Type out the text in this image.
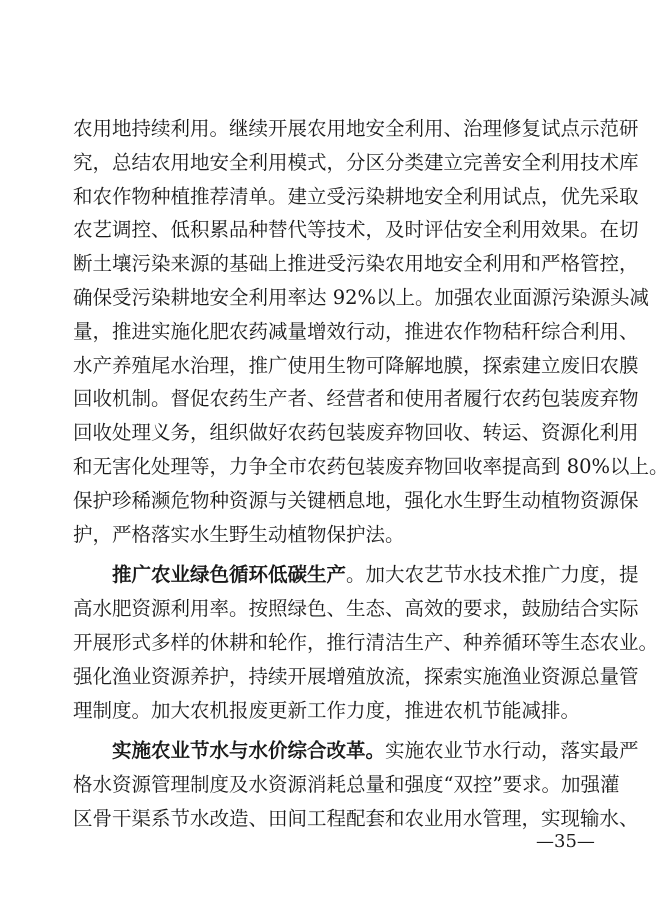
农用地持续利用。继续开展农用地安全利用、治理修复试点示范研
究，总结农用地安全利用模式，分区分类建立完善安全利用技术库
和农作物种植推荐清单。建立受污染耕地安全利用试点，优先采取
农艺调控、低积累品种替代等技术，及时评估安全利用效果。在切
断土壤污染来源的基础上推进受污染农用地安全利用和严格管控，
确保受污染耕地安全利用率达 92%以上。加强农业面源污染源头减
量，推进实施化肥农药减量增效行动，推进农作物秸秆综合利用、
水产养殖尾水治理，推广使用生物可降解地膜，探索建立废旧农膜
回收机制。督促农药生产者、经营者和使用者履行农药包装废弃物
回收处理义务，组织做好农药包装废弃物回收、转运、资源化利用
和无害化处理等，力争全市农药包装废弃物回收率提高到 80%以上。
保护珍稀濒危物种资源与关键栖息地，强化水生野生动植物资源保
护，严格落实水生野生动植物保护法。
推广农业绿色循环低碳生产。加大农艺节水技术推广力度，提
高水肥资源利用率。按照绿色、生态、高效的要求，鼓励结合实际
开展形式多样的休耕和轮作，推行清洁生产、种养循环等生态农业。
强化渔业资源养护，持续开展增殖放流，探索实施渔业资源总量管
理制度。加大农机报废更新工作力度，推进农机节能减排。
实施农业节水与水价综合改革。实施农业节水行动，落实最严
格水资源管理制度及水资源消耗总量和强度“双控”要求。加强灌
区骨干渠系节水改造、田间工程配套和农业用水管理，实现输水、
—35—
